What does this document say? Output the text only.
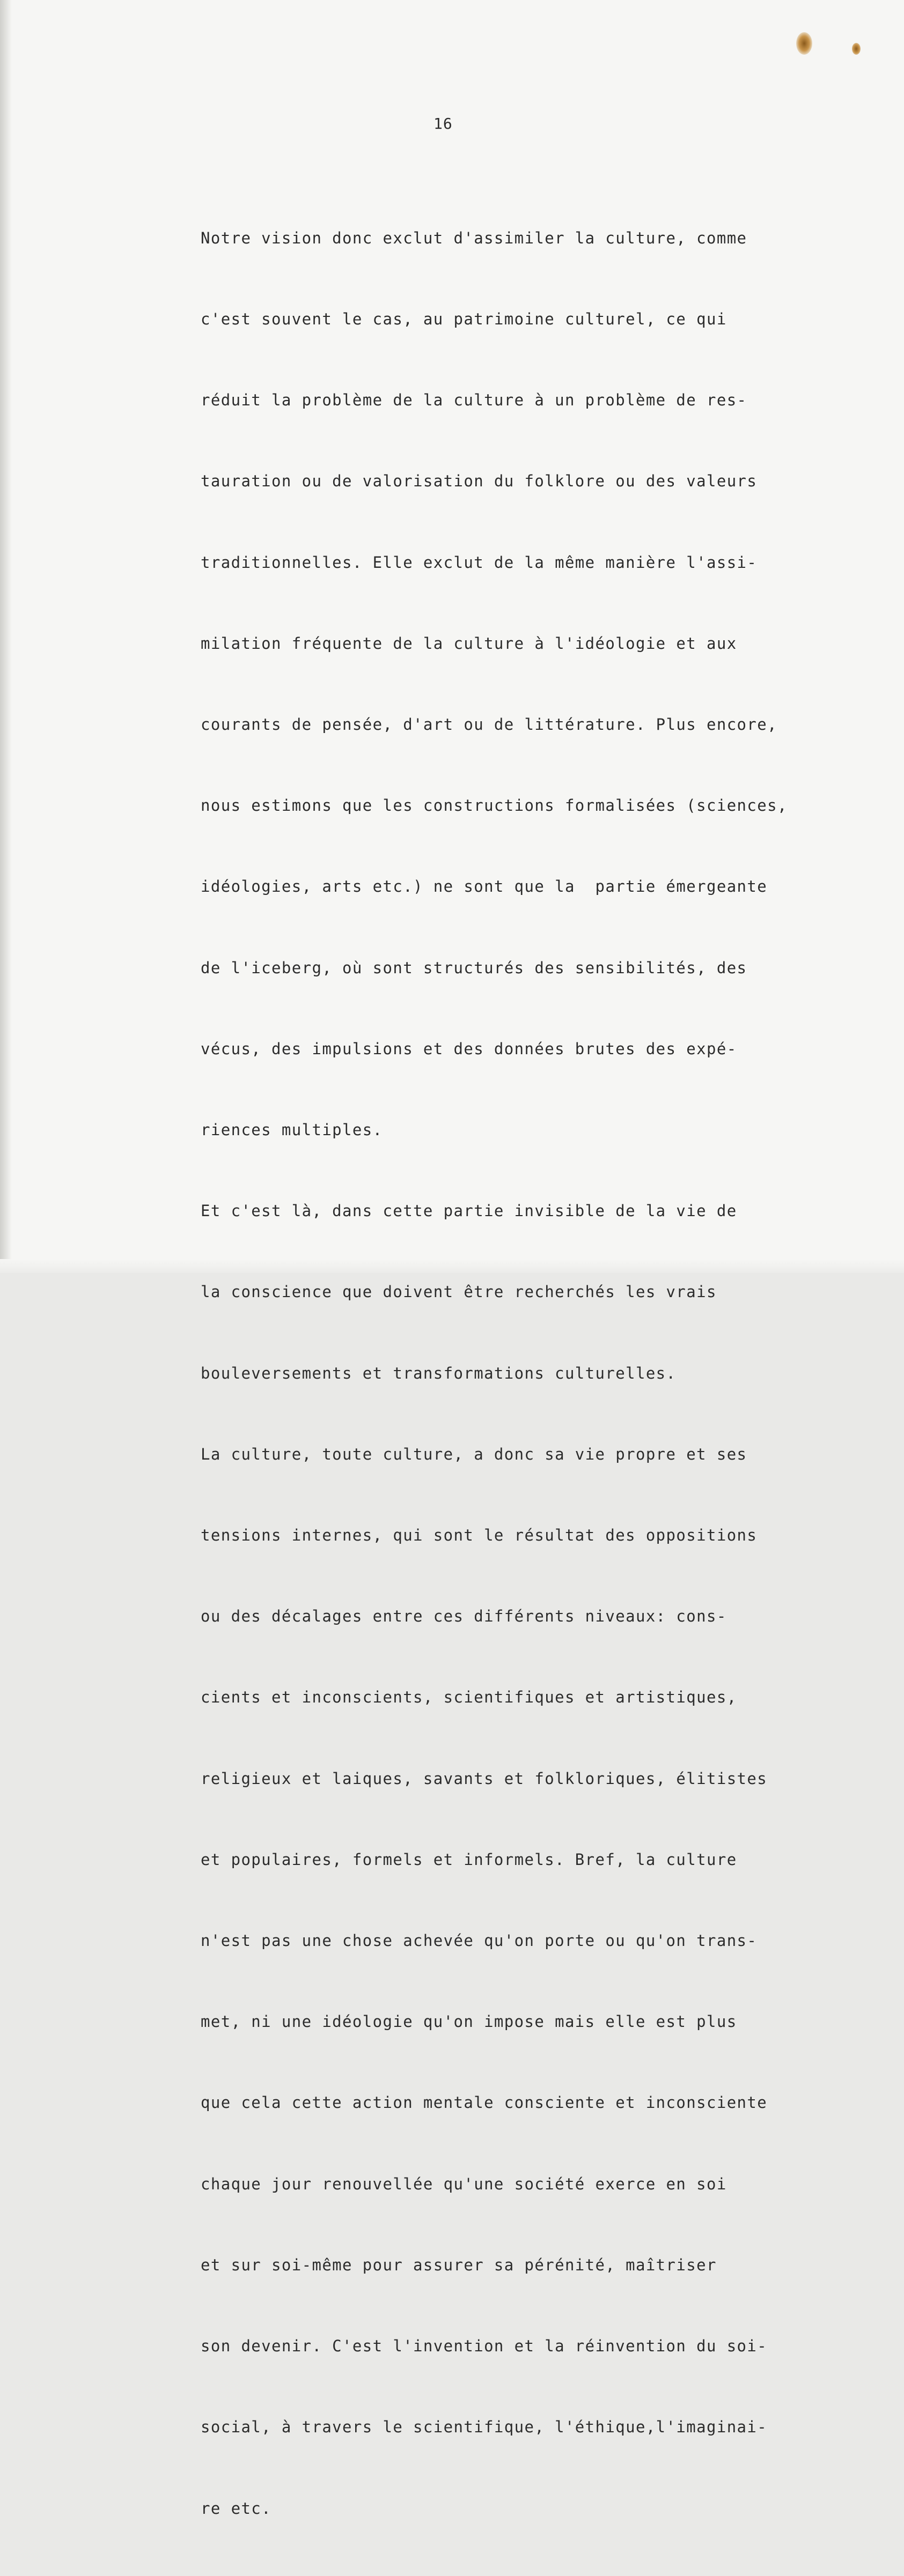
16

Notre vision donc exclut d'assimiler la culture, comme

c'est souvent le cas, au patrimoine culturel, ce qui

réduit la problème de la culture à un problème de res-

tauration ou de valorisation du folklore ou des valeurs

traditionnelles. Elle exclut de la même manière l'assi-

milation fréquente de la culture à l'idéologie et aux

courants de pensée, d'art ou de littérature. Plus encore,

nous estimons que les constructions formalisées (sciences,

idéologies, arts etc.) ne sont que la  partie émergeante

de l'iceberg, où sont structurés des sensibilités, des

vécus, des impulsions et des données brutes des expé-

riences multiples.

Et c'est là, dans cette partie invisible de la vie de

la conscience que doivent être recherchés les vrais

bouleversements et transformations culturelles.

La culture, toute culture, a donc sa vie propre et ses

tensions internes, qui sont le résultat des oppositions

ou des décalages entre ces différents niveaux: cons-

cients et inconscients, scientifiques et artistiques,

religieux et laiques, savants et folkloriques, élitistes

et populaires, formels et informels. Bref, la culture

n'est pas une chose achevée qu'on porte ou qu'on trans-

met, ni une idéologie qu'on impose mais elle est plus

que cela cette action mentale consciente et inconsciente

chaque jour renouvellée qu'une société exerce en soi

et sur soi-même pour assurer sa pérénité, maîtriser

son devenir. C'est l'invention et la réinvention du soi-

social, à travers le scientifique, l'éthique,l'imaginai-

re etc.
